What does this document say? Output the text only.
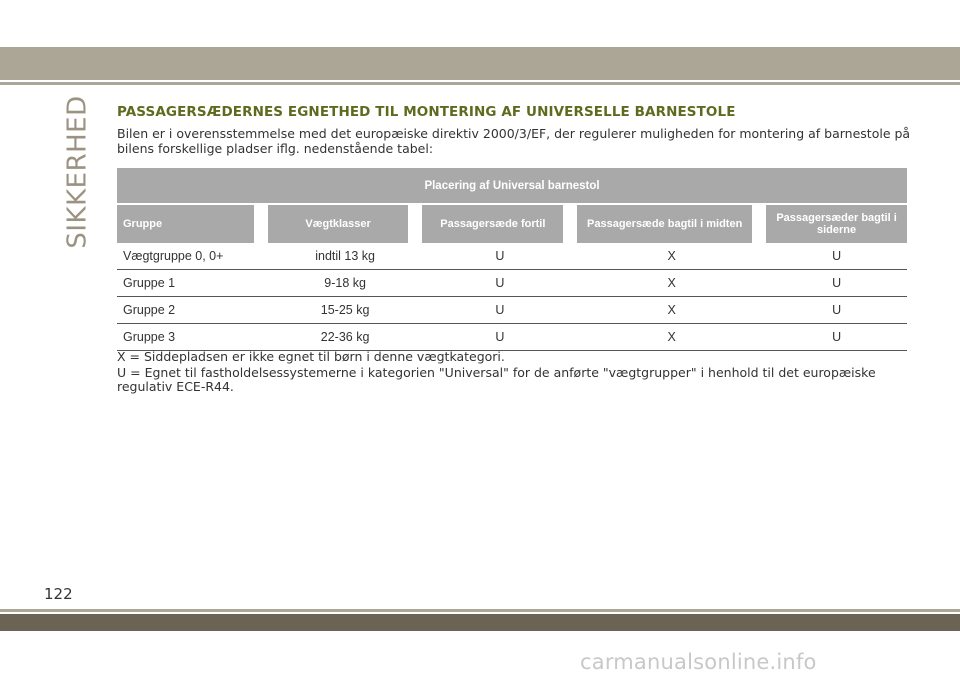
SIKKERHED PASSAGERSÆDERNES EGNETHED TIL MONTERING AF UNIVERSELLE BARNESTOLE
Bilen er i overensstemmelse med det europæiske direktiv 2000/3/EF, der regulerer muligheden for montering af barnestole på bilens forskellige pladser iflg. nedenstående tabel:
Placering af Universal barnestol								
Gruppe		Vægtklasser		Passagersæde fortil		Passagersæde bagtil i midten		Passagersæder bagtil i siderne
Vægtgruppe 0, 0+		indtil 13 kg		U		X		U
Gruppe 1		9-18 kg		U		X		U
Gruppe 2		15-25 kg		U		X		U
Gruppe 3		22-36 kg		U		X		U
X = Siddepladsen er ikke egnet til børn i denne vægtkategori.
U = Egnet til fastholdelsessystemerne i kategorien "Universal" for de anførte "vægtgrupper" i henhold til det europæiske regulativ ECE-R44.
122
carmanualsonline.info
